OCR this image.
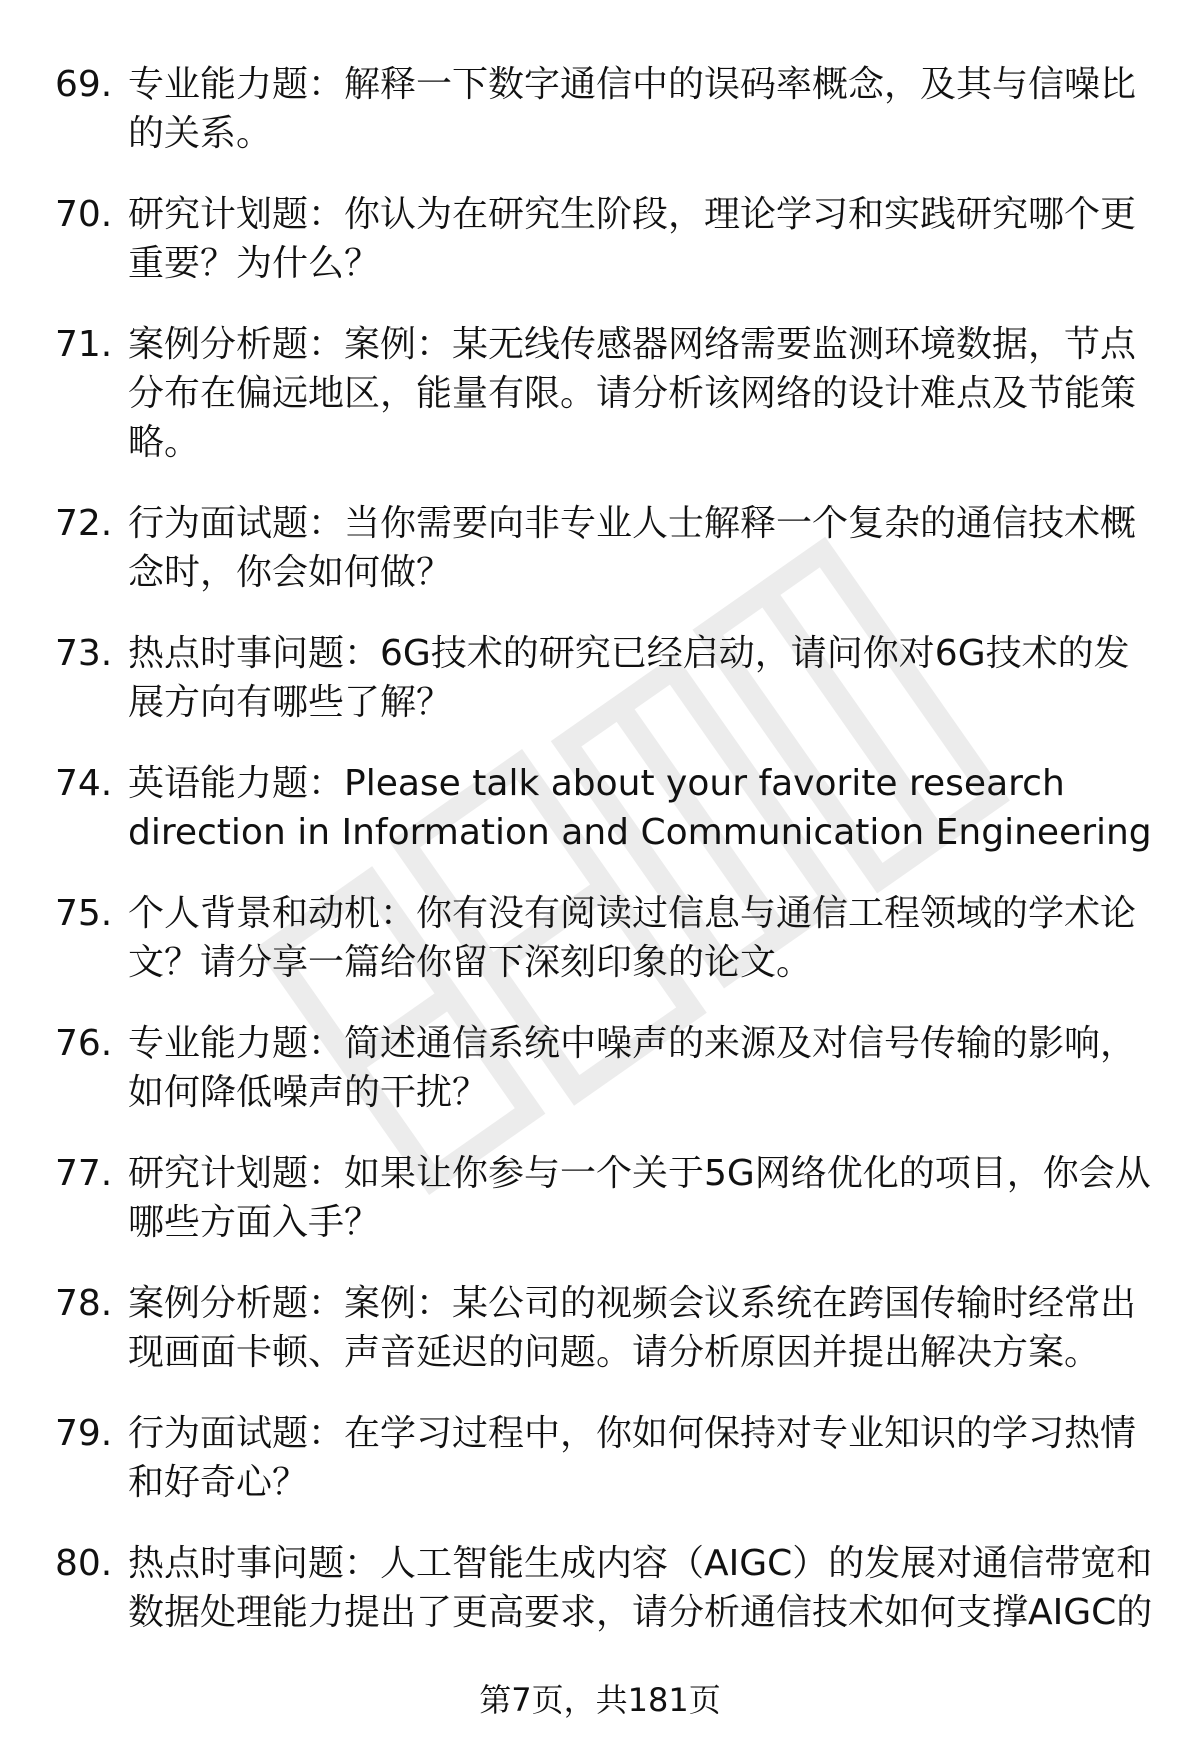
69. 专业能力题：解释一下数字通信中的误码率概念，及其与信噪比的关系。
70. 研究计划题：你认为在研究生阶段，理论学习和实践研究哪个更重要？为什么？
71. 案例分析题：案例：某无线传感器网络需要监测环境数据，节点分布在偏远地区，能量有限。请分析该网络的设计难点及节能策略。
72. 行为面试题：当你需要向非专业人士解释一个复杂的通信技术概念时，你会如何做？
73. 热点时事问题：6G技术的研究已经启动，请问你对6G技术的发展方向有哪些了解？
74. 英语能力题：Please talk about your favorite research direction in Information and Communication Engineering
75. 个人背景和动机：你有没有阅读过信息与通信工程领域的学术论文？请分享一篇给你留下深刻印象的论文。
76. 专业能力题：简述通信系统中噪声的来源及对信号传输的影响，如何降低噪声的干扰？
77. 研究计划题：如果让你参与一个关于5G网络优化的项目，你会从哪些方面入手？
78. 案例分析题：案例：某公司的视频会议系统在跨国传输时经常出现画面卡顿、声音延迟的问题。请分析原因并提出解决方案。
79. 行为面试题：在学习过程中，你如何保持对专业知识的学习热情和好奇心？
80. 热点时事问题：人工智能生成内容（AIGC）的发展对通信带宽和数据处理能力提出了更高要求，请分析通信技术如何支撑AIGC的
第7页，共181页
